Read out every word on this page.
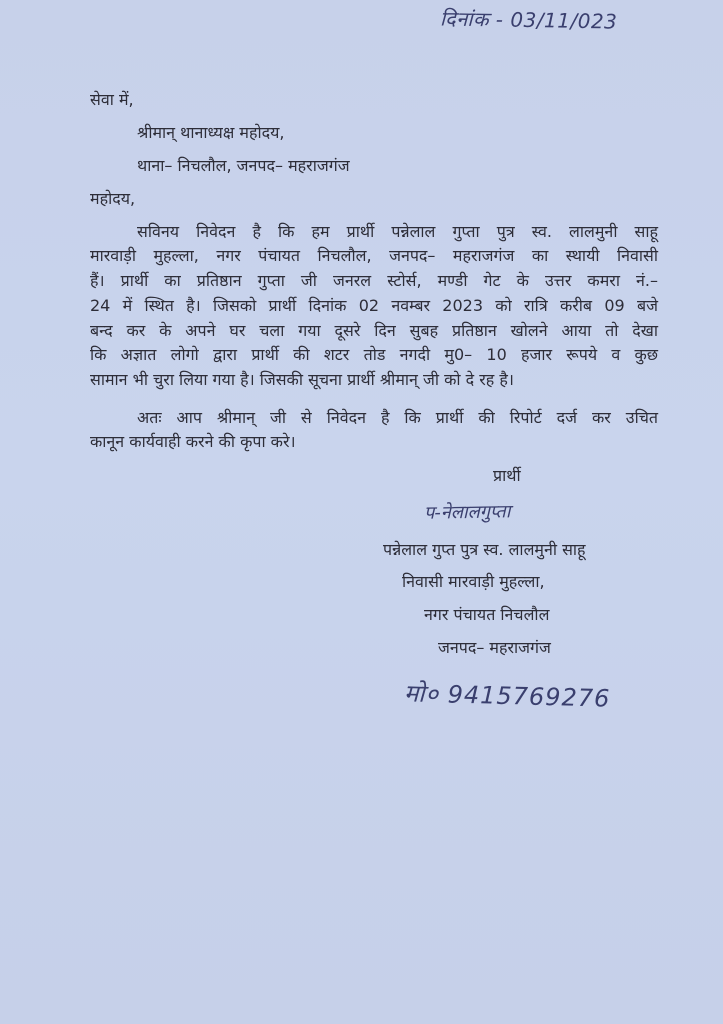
दिनांक - 03/11/023
सेवा में,
श्रीमान् थानाध्यक्ष महोदय,
थाना– निचलौल, जनपद– महराजगंज
महोदय,
सविनय निवेदन है कि हम प्रार्थी पन्नेलाल गुप्ता पुत्र स्व. लालमुनी साहू
मारवाड़ी मुहल्ला, नगर पंचायत निचलौल, जनपद– महराजगंज का स्थायी निवासी
हैं। प्रार्थी का प्रतिष्ठान गुप्ता जी जनरल स्टोर्स, मण्डी गेट के उत्तर कमरा नं.–
24 में स्थित है। जिसको प्रार्थी दिनांक 02 नवम्बर 2023 को रात्रि करीब 09 बजे
बन्द कर के अपने घर चला गया दूसरे दिन सुबह प्रतिष्ठान खोलने आया तो देखा
कि अज्ञात लोगो द्वारा प्रार्थी की शटर तोड नगदी मु0– 10 हजार रूपये व कुछ
सामान भी चुरा लिया गया है। जिसकी सूचना प्रार्थी श्रीमान् जी को दे रह है।
अतः आप श्रीमान् जी से निवेदन है कि प्रार्थी की रिपोर्ट दर्ज कर उचित
कानून कार्यवाही करने की कृपा करे।
प्रार्थी
प-नेलालगुप्ता
पन्नेलाल गुप्त पुत्र स्व. लालमुनी साहू
निवासी मारवाड़ी मुहल्ला,
नगर पंचायत निचलौल
जनपद– महराजगंज
मो० 9415769276
